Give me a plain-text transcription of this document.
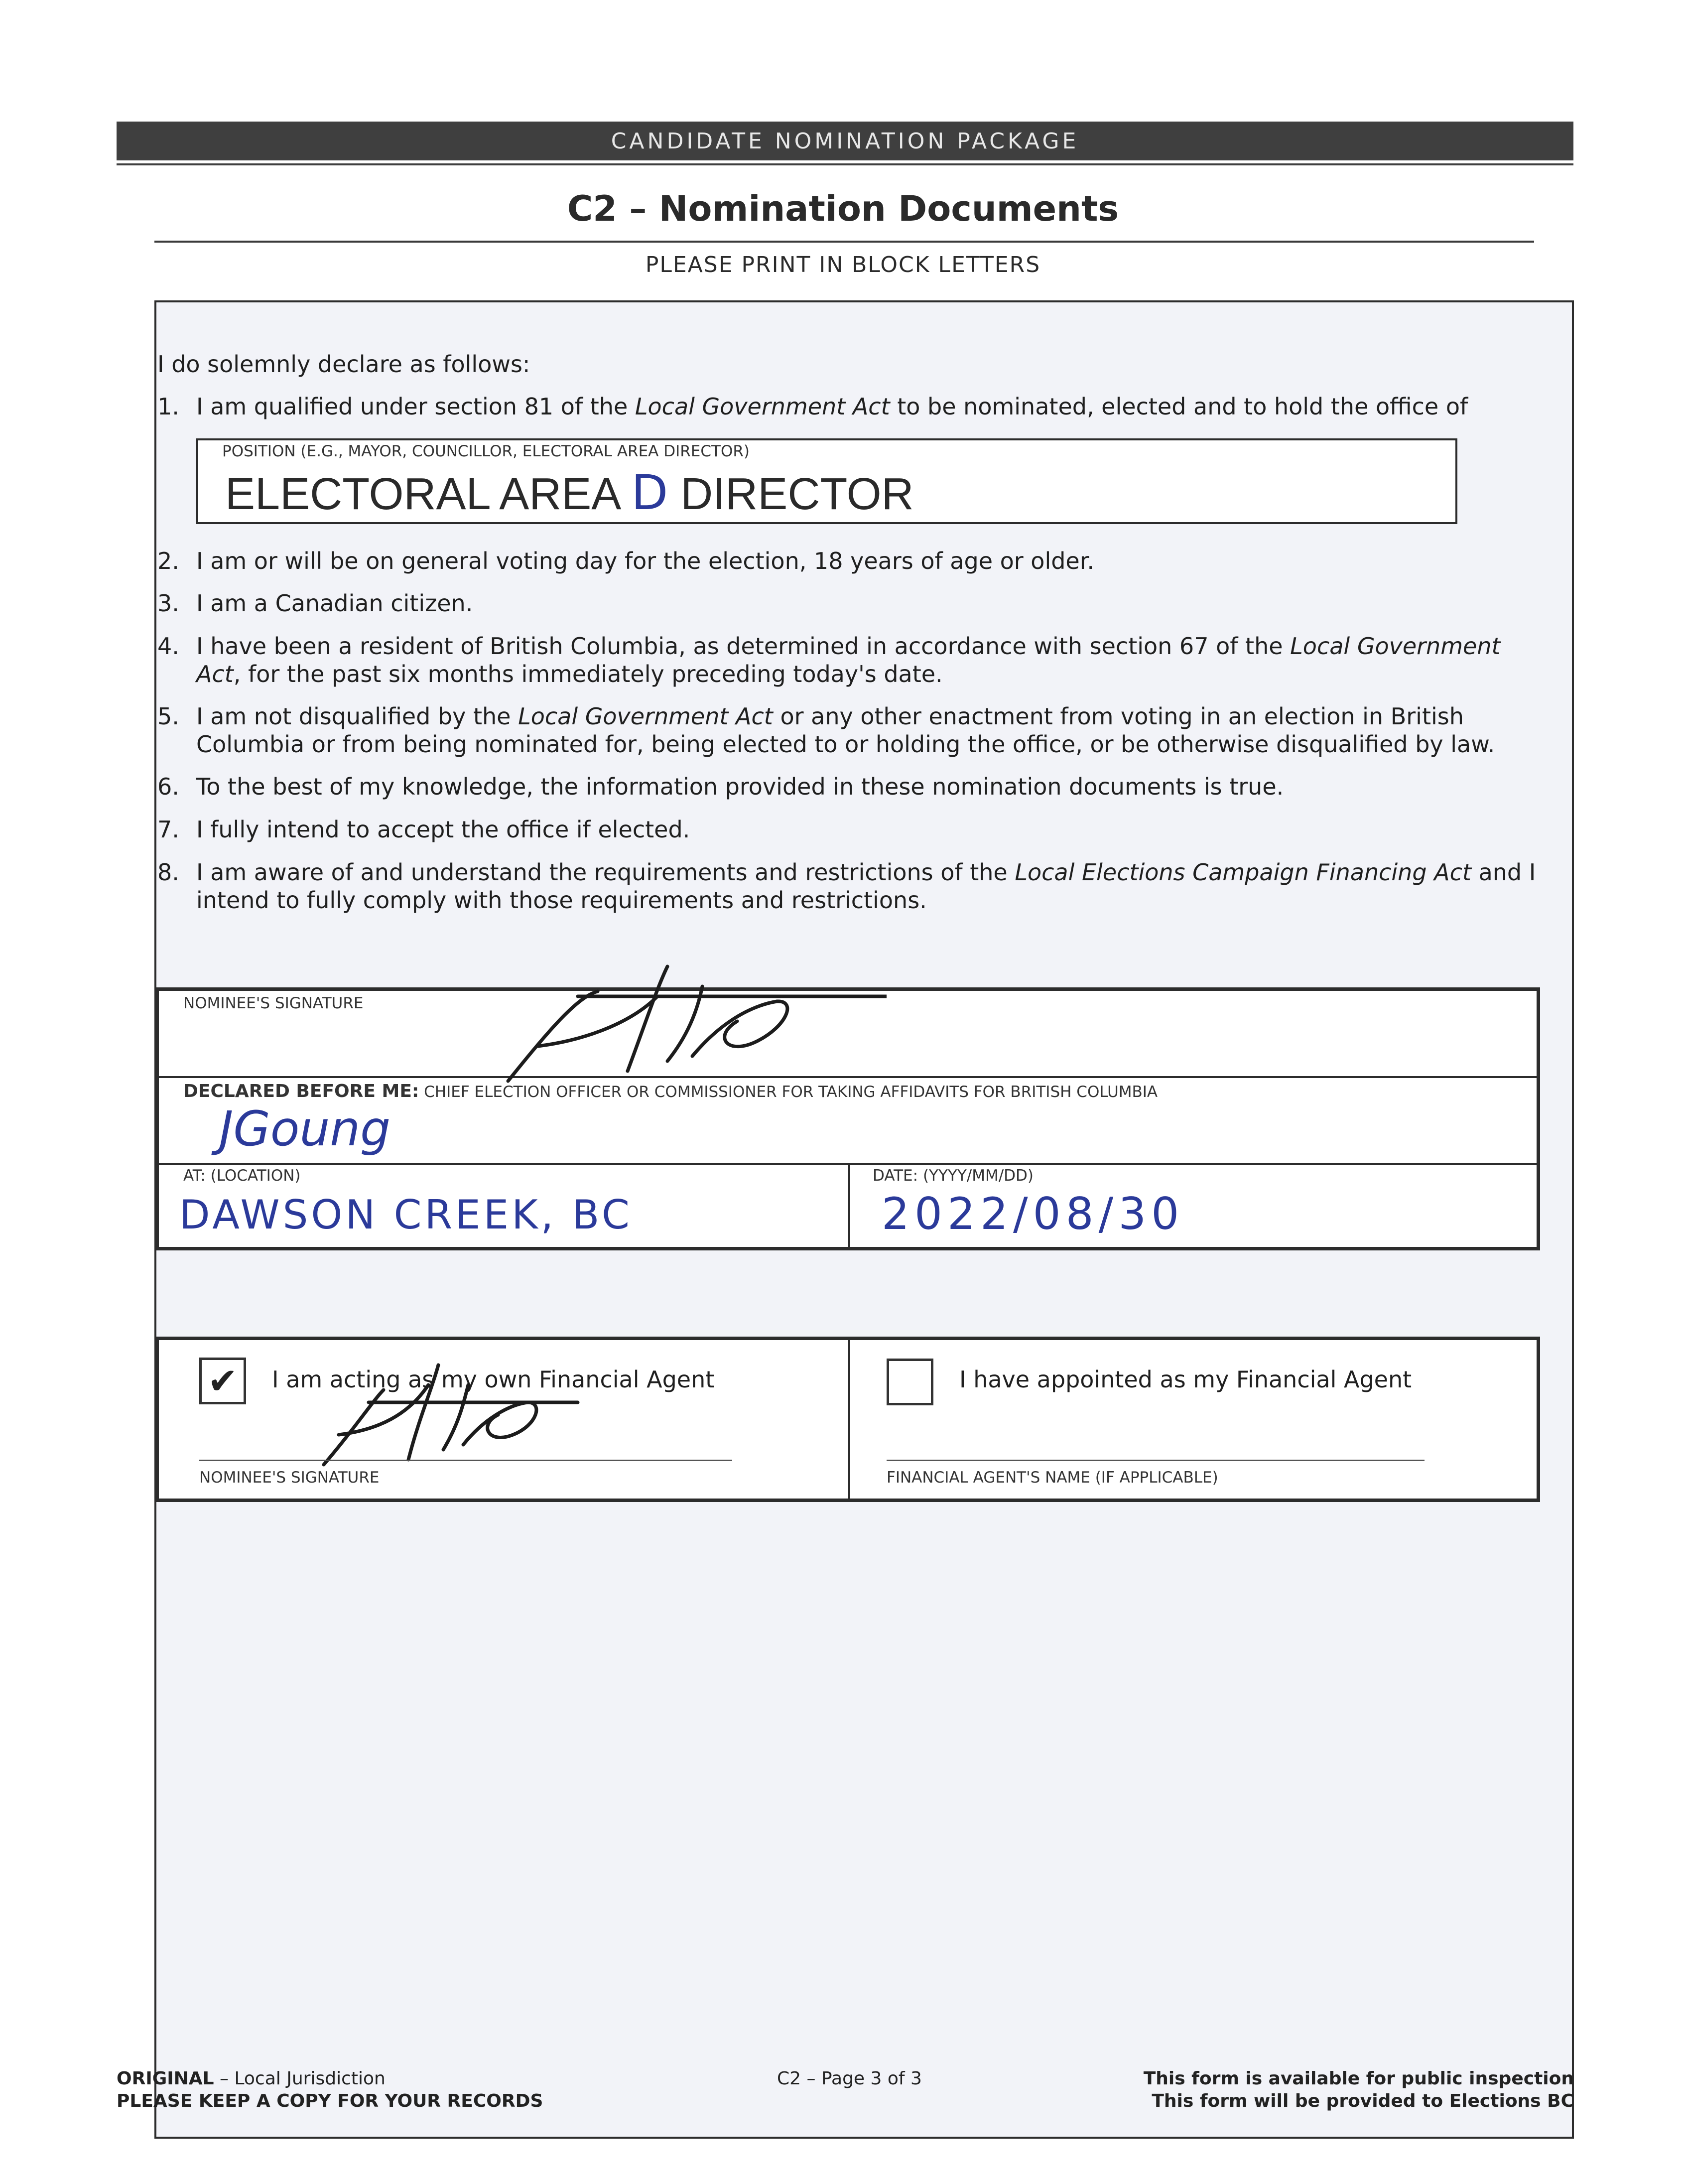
CANDIDATE NOMINATION PACKAGE
C2 – Nomination Documents
PLEASE PRINT IN BLOCK LETTERS
I do solemnly declare as follows:
1. I am qualified under section 81 of the Local Government Act to be nominated, elected and to hold the office of
POSITION (E.G., MAYOR, COUNCILLOR, ELECTORAL AREA DIRECTOR)
ELECTORAL AREA D DIRECTOR
2. I am or will be on general voting day for the election, 18 years of age or older.
3. I am a Canadian citizen.
4. I have been a resident of British Columbia, as determined in accordance with section 67 of the Local Government Act, for the past six months immediately preceding today's date.
5. I am not disqualified by the Local Government Act or any other enactment from voting in an election in British Columbia or from being nominated for, being elected to or holding the office, or be otherwise disqualified by law.
6. To the best of my knowledge, the information provided in these nomination documents is true.
7. I fully intend to accept the office if elected.
8. I am aware of and understand the requirements and restrictions of the Local Elections Campaign Financing Act and I intend to fully comply with those requirements and restrictions.
NOMINEE'S SIGNATURE
DECLARED BEFORE ME: CHIEF ELECTION OFFICER OR COMMISSIONER FOR TAKING AFFIDAVITS FOR BRITISH COLUMBIA
JGoung
AT: (LOCATION)
DAWSON CREEK, BC
DATE: (YYYY/MM/DD)
2022/08/30
✔ I am acting as my own Financial Agent
NOMINEE'S SIGNATURE
I have appointed as my Financial Agent
FINANCIAL AGENT'S NAME (IF APPLICABLE)
ORIGINAL – Local Jurisdiction
PLEASE KEEP A COPY FOR YOUR RECORDS
C2 – Page 3 of 3	This form is available for public inspection
This form will be provided to Elections BC
